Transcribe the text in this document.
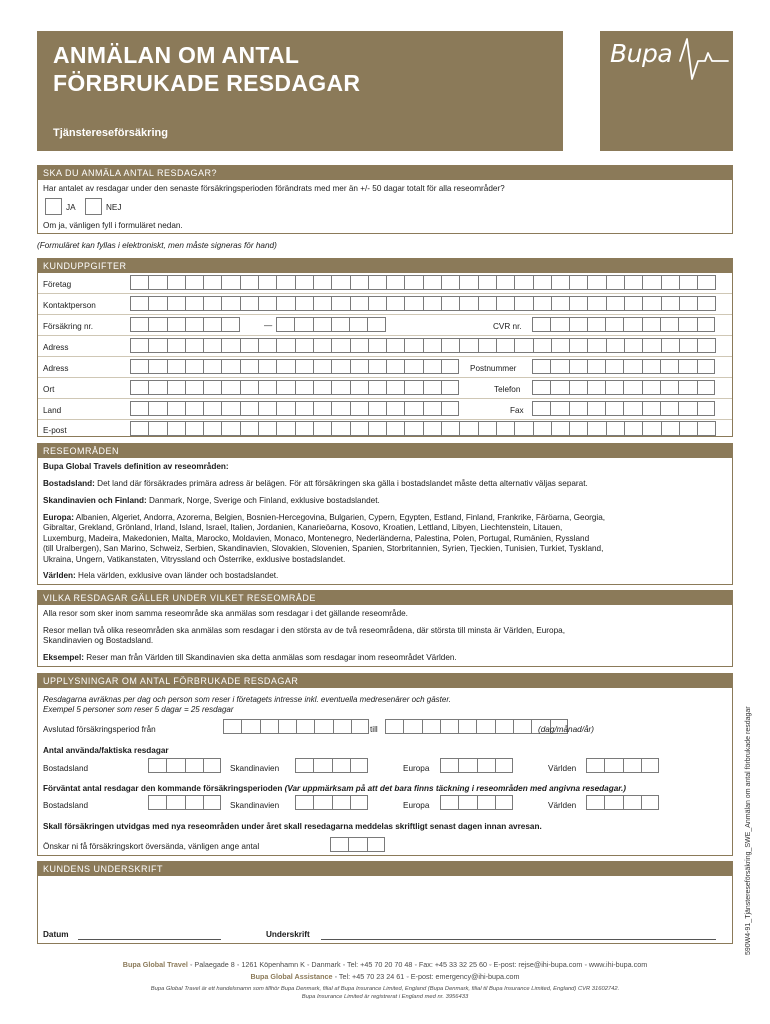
ANMÄLAN OM ANTAL
FÖRBRUKADE RESDAGAR
Tjänstereseförsäkring
Bupa
SKA DU ANMÄLA ANTAL RESDAGAR?
Har antalet av resdagar under den senaste försäkringsperioden förändrats med mer än +/- 50 dagar totalt för alla reseområder?
JA	NEJ
Om ja, vänligen fyll i formuläret nedan.
(Formuläret kan fyllas i elektroniskt, men måste signeras för hand)
KUNDUPPGIFTER
Företag
Kontaktperson
Försäkring nr.	—	CVR nr.
Adress
Adress	Postnummer
Ort	Telefon
Land	Fax
E-post
RESEOMRÅDEN
Bupa Global Travels definition av reseområden:
Bostadsland: Det land där försäkrades primära adress är belägen. För att försäkringen ska gälla i bostadslandet måste detta alternativ väljas separat.
Skandinavien och Finland: Danmark, Norge, Sverige och Finland, exklusive bostadslandet.
Europa: Albanien, Algeriet, Andorra, Azorerna, Belgien, Bosnien-Hercegovina, Bulgarien, Cypern, Egypten, Estland, Finland, Frankrike, Färöarna, Georgia,
Gibraltar, Grekland, Grönland, Irland, Island, Israel, Italien, Jordanien, Kanarieöarna, Kosovo, Kroatien, Lettland, Libyen, Liechtenstein, Litauen,
Luxemburg, Madeira, Makedonien, Malta, Marocko, Moldavien, Monaco, Montenegro, Nederländerna, Palestina, Polen, Portugal, Rumänien, Ryssland
(till Uralbergen), San Marino, Schweiz, Serbien, Skandinavien, Slovakien, Slovenien, Spanien, Storbritannien, Syrien, Tjeckien, Tunisien, Turkiet, Tyskland,
Ukraina, Ungern, Vatikanstaten, Vitryssland och Österrike, exklusive bostadslandet.
Världen: Hela världen, exklusive ovan länder och bostadslandet.
VILKA RESDAGAR GÄLLER UNDER VILKET RESEOMRÅDE
Alla resor som sker inom samma reseområde ska anmälas som resdagar i det gällande reseområde.
Resor mellan två olika reseområden ska anmälas som resdagar i den största av de två reseområdena, där största till minsta är Världen, Europa,
Skandinavien og Bostadsland.
Eksempel: Reser man från Världen till Skandinavien ska detta anmälas som resdagar inom reseområdet Världen.
UPPLYSNINGAR OM ANTAL FÖRBRUKADE RESDAGAR
Resdagarna avräknas per dag och person som reser i företagets intresse inkl. eventuella medresenärer och gäster.
Exempel 5 personer som reser 5 dagar = 25 resdagar
Avslutad försäkringsperiod från	till	(dag/månad/år)
Antal använda/faktiska resdagar
Bostadsland	Skandinavien	Europa	Världen
Förväntat antal resdagar den kommande försäkringsperioden (Var uppmärksam på att det bara finns täckning i reseområden med angivna resedagar.)
Bostadsland	Skandinavien	Europa	Världen
Skall försäkringen utvidgas med nya reseområden under året skall resedagarna meddelas skriftligt senast dagen innan avresan.
Önskar ni få försäkringskort översända, vänligen ange antal
KUNDENS UNDERSKRIFT
Datum	Underskrift
Bupa Global Travel ◦ Palaegade 8 ◦ 1261 Köpenhamn K ◦ Danmark ◦ Tel: +45 70 20 70 48 ◦ Fax: +45 33 32 25 60 ◦ E-post: rejse@ihi-bupa.com ◦ www.ihi-bupa.com
Bupa Global Assistance ◦ Tel: +45 70 23 24 61 ◦ E-post: emergency@ihi-bupa.com
Bupa Global Travel är ett handelsnamn som tillhör Bupa Denmark, filial af Bupa Insurance Limited, England (Bupa Denmark, filial til Bupa Insurance Limited, England) CVR 31602742.
Bupa Insurance Limited är registrerat i England med nr. 3956433
590W4-91_Tjänstereseförsäkring_SWE_Anmälan om antal förbrukade resdagar
